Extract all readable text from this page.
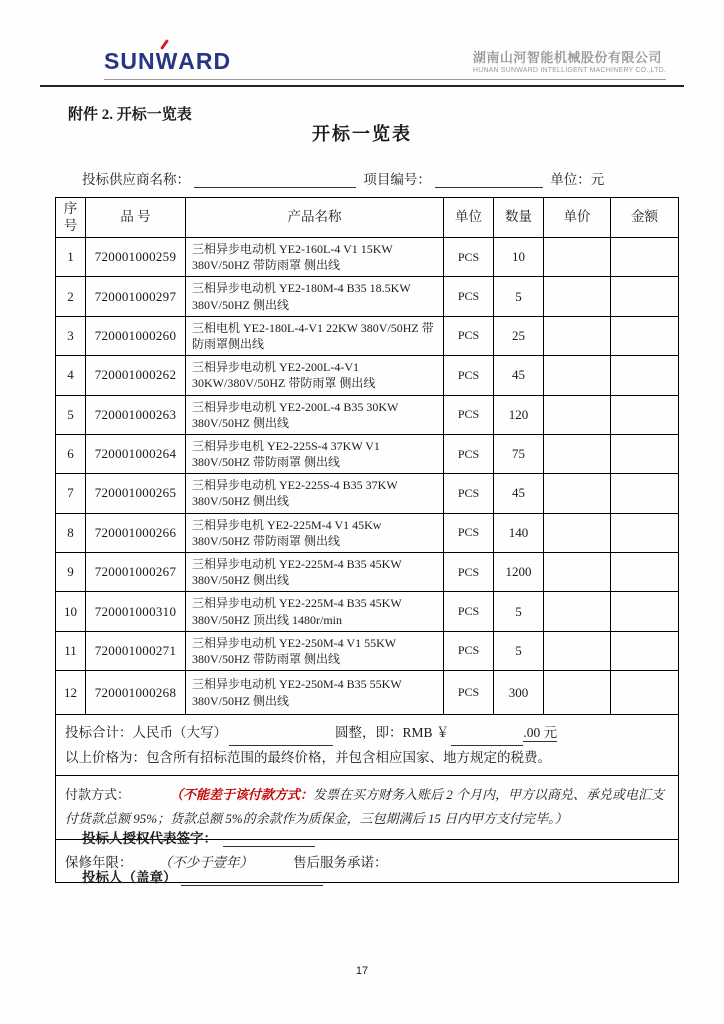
SUNW
ARD	湖南山河智能机械股份有限公司
HUNAN SUNWARD INTELLIGENT MACHINERY CO.,LTD.
附件 2. 开标一览表
开标一览表
投标供应商名称：	项目编号：	单位：元
序号	品 号	产品名称	单位	数量	单价	金额
1	720001000259	三相异步电动机 YE2-160L-4 V1 15KW 380V/50HZ 带防雨罩 侧出线	PCS	10		
2	720001000297	三相异步电动机 YE2-180M-4 B35 18.5KW 380V/50HZ 侧出线	PCS	5		
3	720001000260	三相电机 YE2-180L-4-V1 22KW 380V/50HZ 带防雨罩侧出线	PCS	25		
4	720001000262	三相异步电动机 YE2-200L-4-V1 30KW/380V/50HZ 带防雨罩 侧出线	PCS	45		
5	720001000263	三相异步电动机 YE2-200L-4 B35 30KW 380V/50HZ 侧出线	PCS	120		
6	720001000264	三相异步电机 YE2-225S-4 37KW V1 380V/50HZ 带防雨罩 侧出线	PCS	75		
7	720001000265	三相异步电动机 YE2-225S-4 B35 37KW 380V/50HZ 侧出线	PCS	45		
8	720001000266	三相异步电机 YE2-225M-4 V1 45Kw 380V/50HZ 带防雨罩 侧出线	PCS	140		
9	720001000267	三相异步电动机 YE2-225M-4 B35 45KW 380V/50HZ 侧出线	PCS	1200		
10	720001000310	三相异步电动机 YE2-225M-4 B35 45KW 380V/50HZ 顶出线 1480r/min	PCS	5		
11	720001000271	三相异步电动机 YE2-250M-4 V1 55KW 380V/50HZ 带防雨罩 侧出线	PCS	5		
12	720001000268	三相异步电动机 YE2-250M-4 B35 55KW 380V/50HZ 侧出线	PCS	300		

投标合计：人民币（大写） 圆整，即：RMB ￥ .00 元
以上价格为：包含所有招标范围的最终价格，并包含相应国家、地方规定的税费。						

付款方式： （不能差于该付款方式：发票在买方财务入账后 2 个月内，甲方以商兑、承兑或电汇支付货款总额 95%；货款总额 5%的余款作为质保金，三包期满后 15 日内甲方支付完毕。）						
保修年限： （不少于壹年） 售后服务承诺：						
投标人授权代表签字：
投标人（盖章）
17
